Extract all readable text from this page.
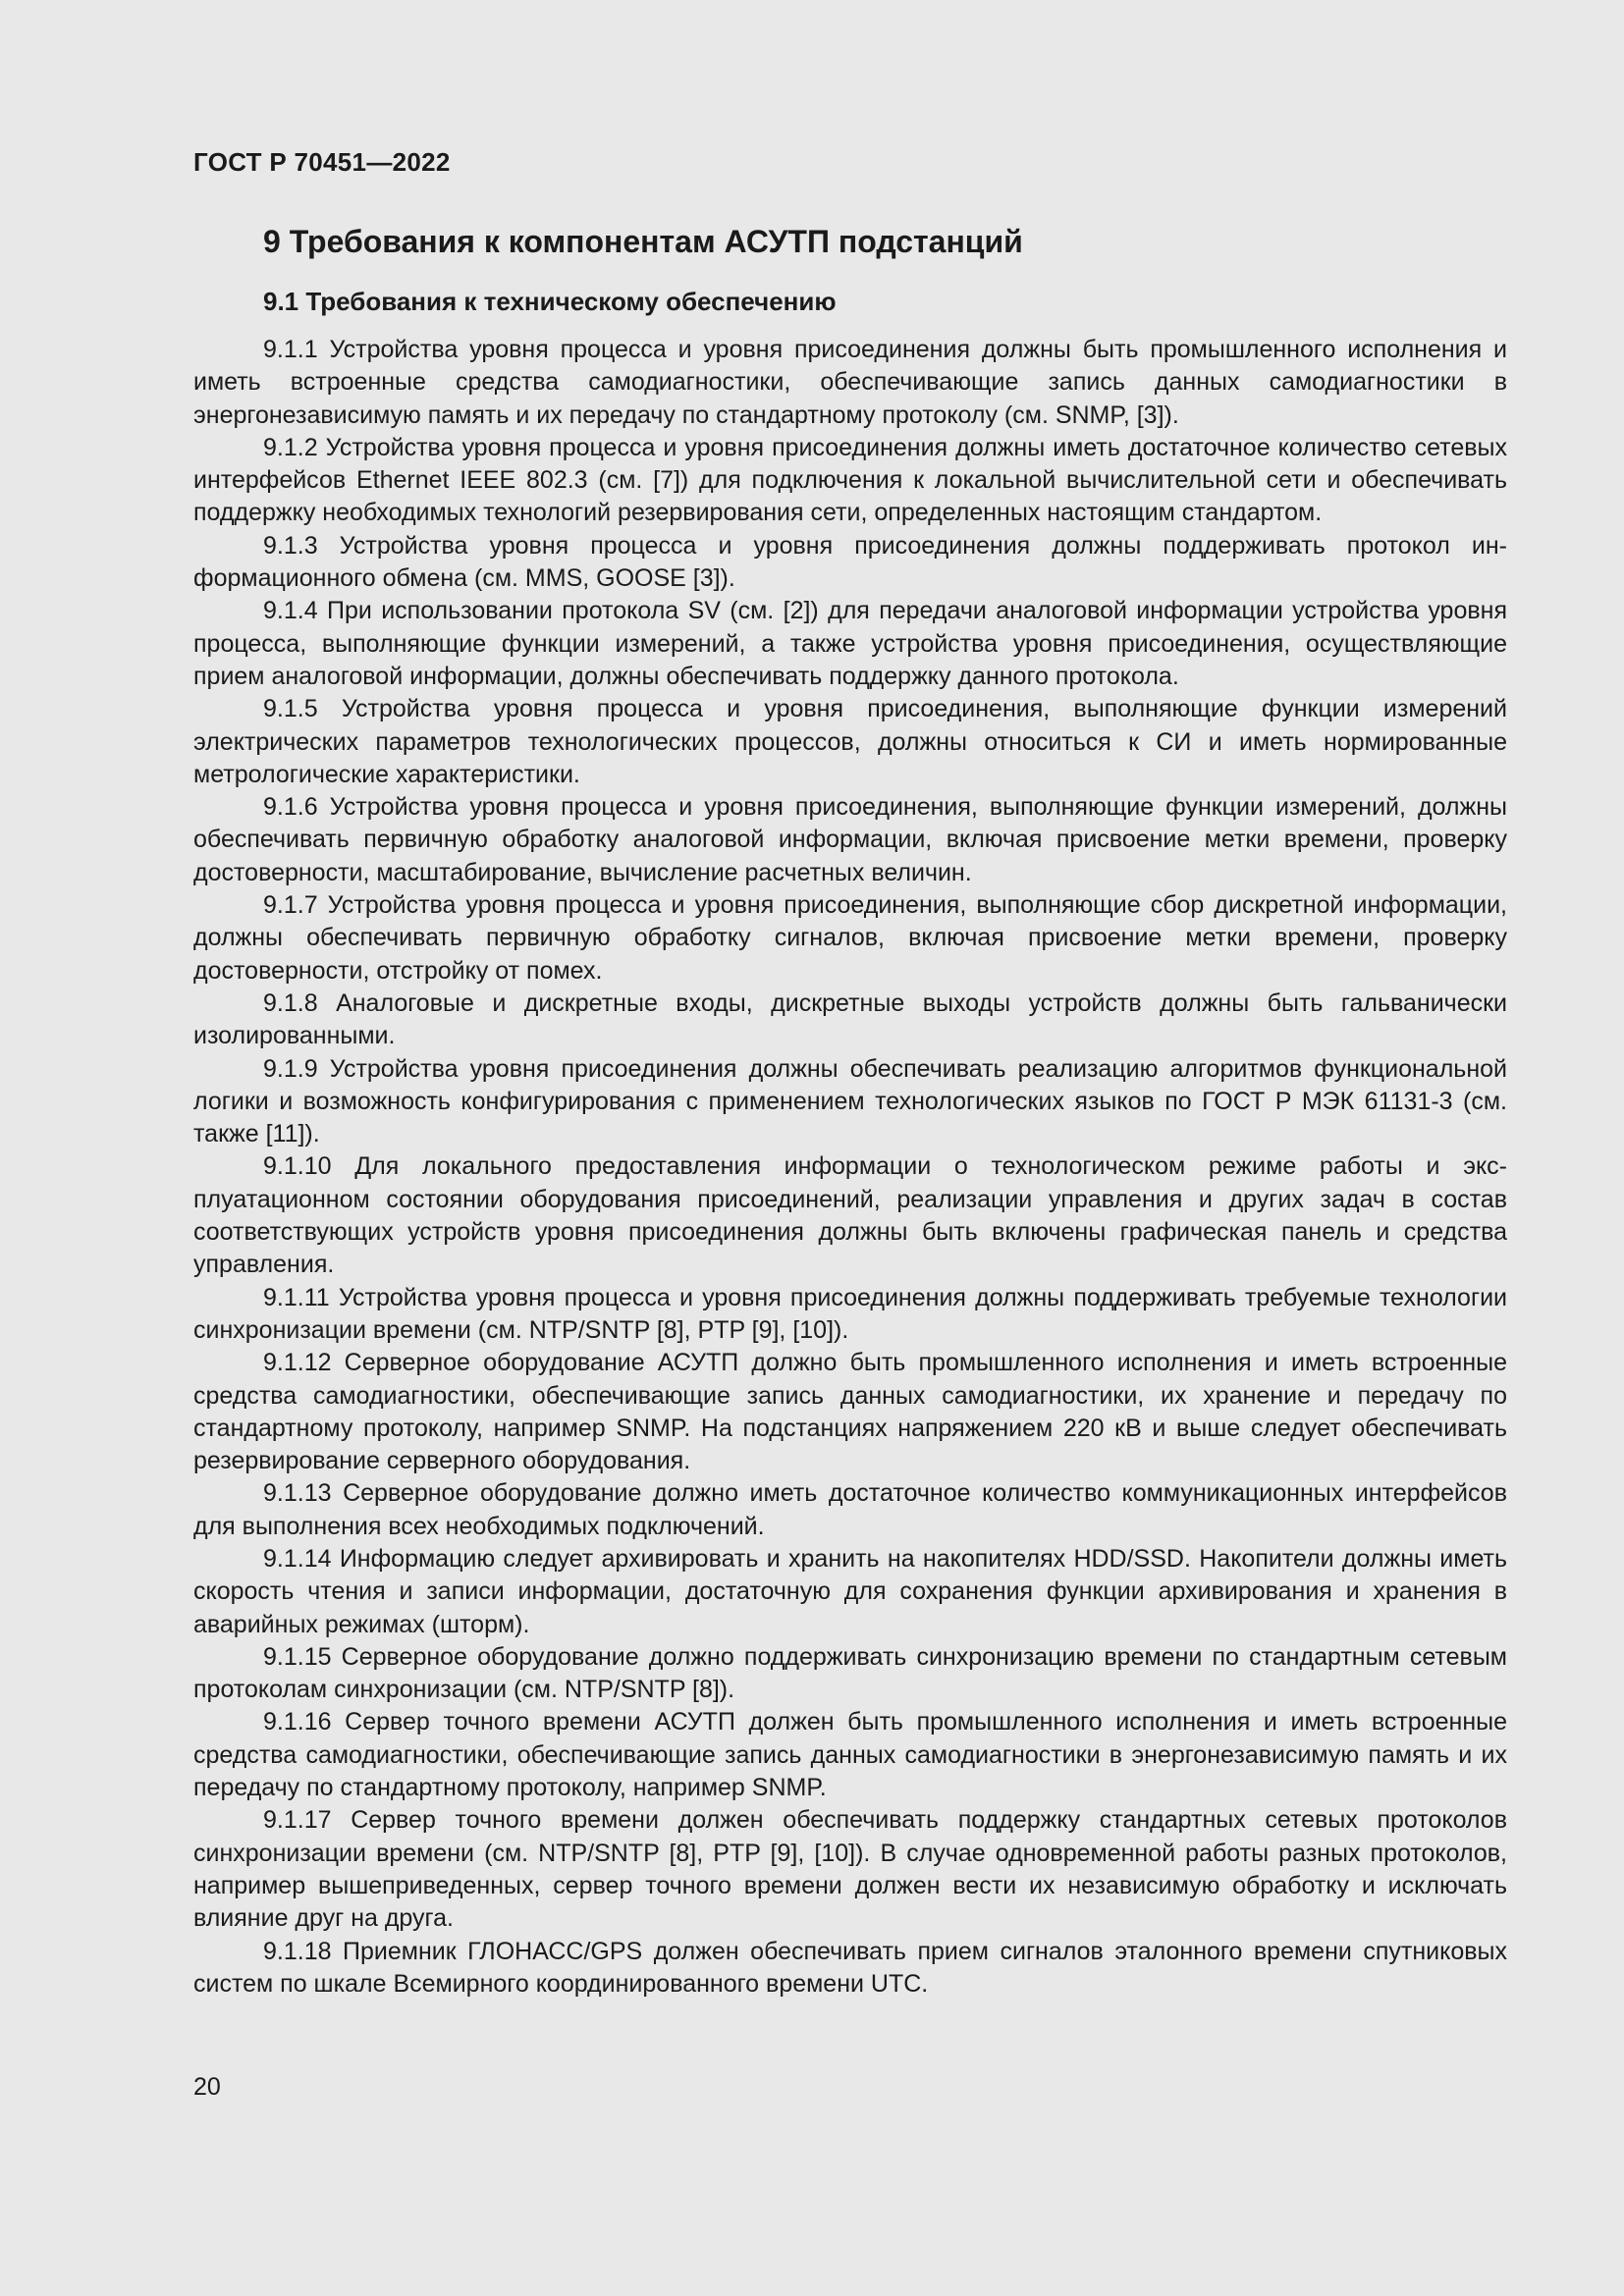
ГОСТ Р 70451—2022
9 Требования к компонентам АСУТП подстанций
9.1 Требования к техническому обеспечению

9.1.1 Устройства уровня процесса и уровня присоединения должны быть промышленного исполнения и иметь встроенные средства самодиагностики, обеспечивающие запись данных самодиагностики в энергонезависимую память и их передачу по стандартному протоколу (см. SNMP, [3]).

9.1.2 Устройства уровня процесса и уровня присоединения должны иметь достаточное количество сетевых интерфейсов Ethernet IEEE 802.3 (см. [7]) для подключения к локальной вычислительной сети и обеспечивать поддержку необходимых технологий резервирования сети, определенных настоящим стандартом.

9.1.3 Устройства уровня процесса и уровня присоединения должны поддерживать протокол информационного обмена (см. MMS, GOOSE [3]).

9.1.4 При использовании протокола SV (см. [2]) для передачи аналоговой информации устройства уровня процесса, выполняющие функции измерений, а также устройства уровня присоединения, осуществляющие прием аналоговой информации, должны обеспечивать поддержку данного протокола.

9.1.5 Устройства уровня процесса и уровня присоединения, выполняющие функции измерений электрических параметров технологических процессов, должны относиться к СИ и иметь нормированные метрологические характеристики.

9.1.6 Устройства уровня процесса и уровня присоединения, выполняющие функции измерений, должны обеспечивать первичную обработку аналоговой информации, включая присвоение метки времени, проверку достоверности, масштабирование, вычисление расчетных величин.

9.1.7 Устройства уровня процесса и уровня присоединения, выполняющие сбор дискретной информации, должны обеспечивать первичную обработку сигналов, включая присвоение метки времени, проверку достоверности, отстройку от помех.

9.1.8 Аналоговые и дискретные входы, дискретные выходы устройств должны быть гальванически изолированными.

9.1.9 Устройства уровня присоединения должны обеспечивать реализацию алгоритмов функциональной логики и возможность конфигурирования с применением технологических языков по ГОСТ Р МЭК 61131-3 (см. также [11]).

9.1.10 Для локального предоставления информации о технологическом режиме работы и эксплуатационном состоянии оборудования присоединений, реализации управления и других задач в состав соответствующих устройств уровня присоединения должны быть включены графическая панель и средства управления.

9.1.11 Устройства уровня процесса и уровня присоединения должны поддерживать требуемые технологии синхронизации времени (см. NTP/SNTP [8], PTP [9], [10]).

9.1.12 Серверное оборудование АСУТП должно быть промышленного исполнения и иметь встроенные средства самодиагностики, обеспечивающие запись данных самодиагностики, их хранение и передачу по стандартному протоколу, например SNMP. На подстанциях напряжением 220 кВ и выше следует обеспечивать резервирование серверного оборудования.

9.1.13 Серверное оборудование должно иметь достаточное количество коммуникационных интерфейсов для выполнения всех необходимых подключений.

9.1.14 Информацию следует архивировать и хранить на накопителях HDD/SSD. Накопители должны иметь скорость чтения и записи информации, достаточную для сохранения функции архивирования и хранения в аварийных режимах (шторм).

9.1.15 Серверное оборудование должно поддерживать синхронизацию времени по стандартным сетевым протоколам синхронизации (см. NTP/SNTP [8]).

9.1.16 Сервер точного времени АСУТП должен быть промышленного исполнения и иметь встроенные средства самодиагностики, обеспечивающие запись данных самодиагностики в энергонезависимую память и их передачу по стандартному протоколу, например SNMP.

9.1.17 Сервер точного времени должен обеспечивать поддержку стандартных сетевых протоколов синхронизации времени (см. NTP/SNTP [8], PTP [9], [10]). В случае одновременной работы разных протоколов, например вышеприведенных, сервер точного времени должен вести их независимую обработку и исключать влияние друг на друга.

9.1.18 Приемник ГЛОНАСС/GPS должен обеспечивать прием сигналов эталонного времени спутниковых систем по шкале Всемирного координированного времени UTC.

20
